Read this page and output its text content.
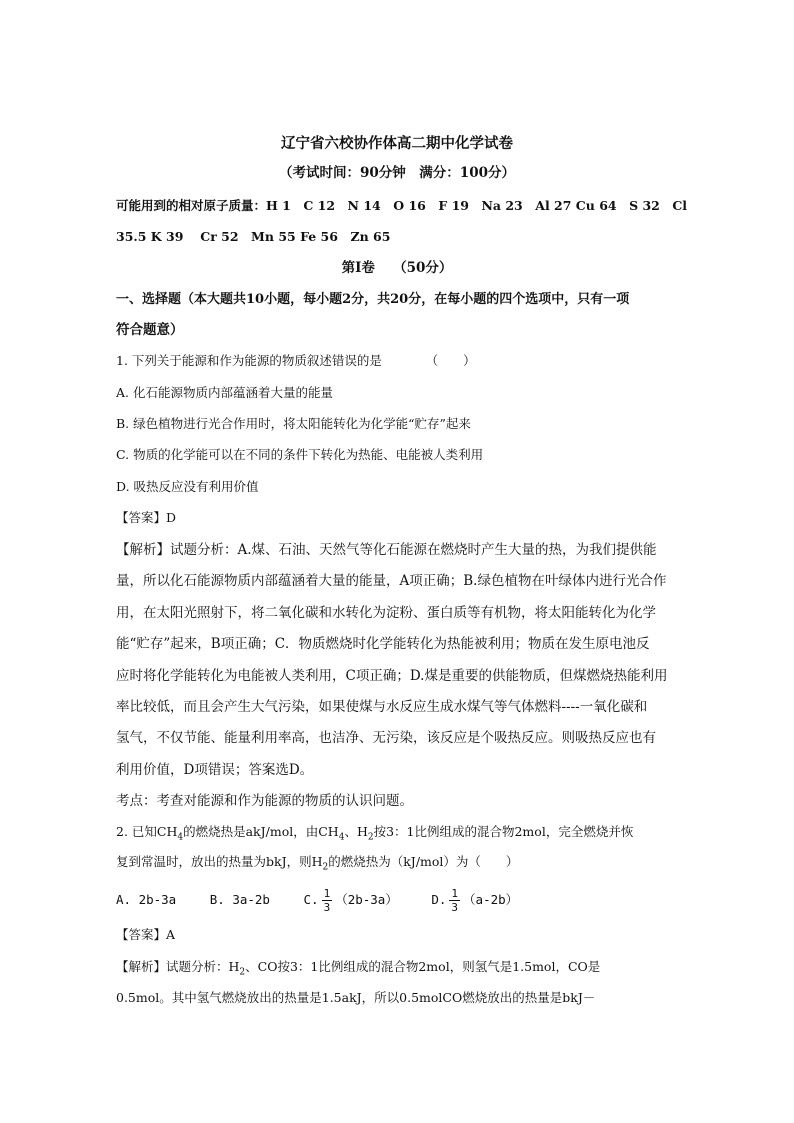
辽宁省六校协作体高二期中化学试卷
（考试时间：90分钟　满分：100分）
可能用到的相对原子质量：H 1　C 12　N 14　O 16　F 19　Na 23　Al 27 Cu 64　S 32　Cl
35.5 K 39　 Cr 52　Mn 55 Fe 56　Zn 65
第Ⅰ卷　 （50分）
一、选择题（本大题共10小题，每小题2分，共20分，在每小题的四个选项中，只有一项
符合题意）
1. 下列关于能源和作为能源的物质叙述错误的是　　　　（　　）
A. 化石能源物质内部蕴涵着大量的能量
B. 绿色植物进行光合作用时，将太阳能转化为化学能“贮存”起来
C. 物质的化学能可以在不同的条件下转化为热能、电能被人类利用
D. 吸热反应没有利用价值
【答案】D
【解析】试题分析：A.煤、石油、天然气等化石能源在燃烧时产生大量的热，为我们提供能
量，所以化石能源物质内部蕴涵着大量的能量，A项正确；B.绿色植物在叶绿体内进行光合作
用，在太阳光照射下，将二氧化碳和水转化为淀粉、蛋白质等有机物，将太阳能转化为化学
能“贮存”起来，B项正确；C．物质燃烧时化学能转化为热能被利用；物质在发生原电池反
应时将化学能转化为电能被人类利用，C项正确；D.煤是重要的供能物质，但煤燃烧热能利用
率比较低，而且会产生大气污染，如果使煤与水反应生成水煤气等气体燃料----一氧化碳和
氢气，不仅节能、能量利用率高，也洁净、无污染，该反应是个吸热反应。则吸热反应也有
利用价值，D项错误；答案选D。
考点：考查对能源和作为能源的物质的认识问题。
2. 已知$CH_4$的燃烧热是akJ/mol，由$CH_4$、$H_2$按3：1比例组成的混合物2mol，完全燃烧并恢
复到常温时，放出的热量为bkJ，则$H_2$的燃烧热为（kJ/mol）为（　　）
A. 2b-3a	B. 3a-2b	C. $\frac{1}{3} (2b-3a)$	D. $\frac{1}{3} (a-2b)$
【答案】A
【解析】试题分析：$H_2$、CO按3：1比例组成的混合物2mol，则氢气是1.5mol，CO是
0.5mol。其中氢气燃烧放出的热量是1.5akJ，所以0.5molCO燃烧放出的热量是bkJ－
